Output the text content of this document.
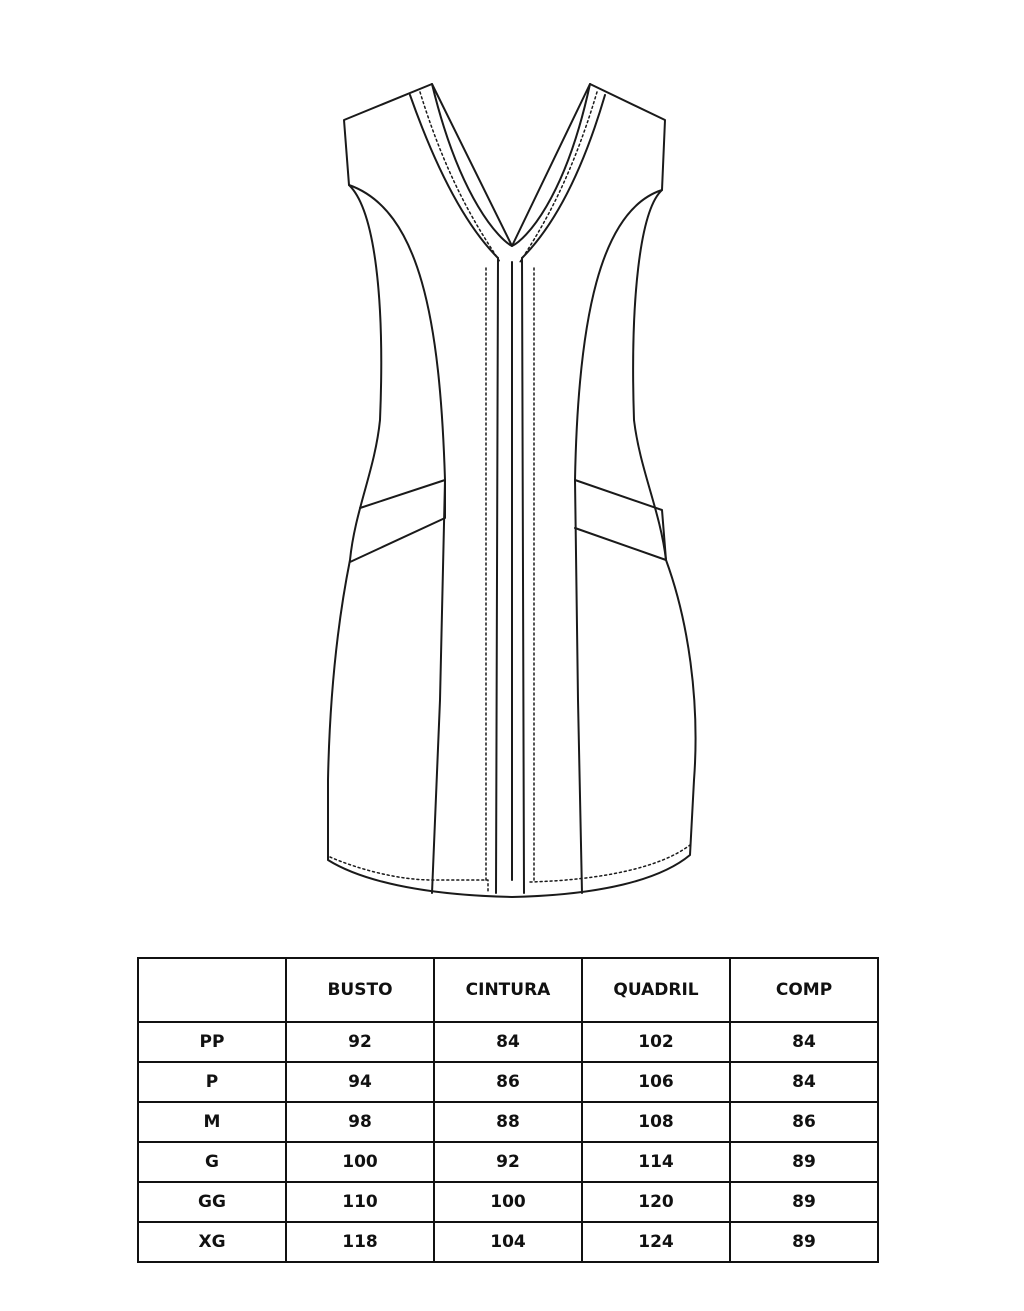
	BUSTO	CINTURA	QUADRIL	COMP
PP	92	84	102	84
P	94	86	106	84
M	98	88	108	86
G	100	92	114	89
GG	110	100	120	89
XG	118	104	124	89
